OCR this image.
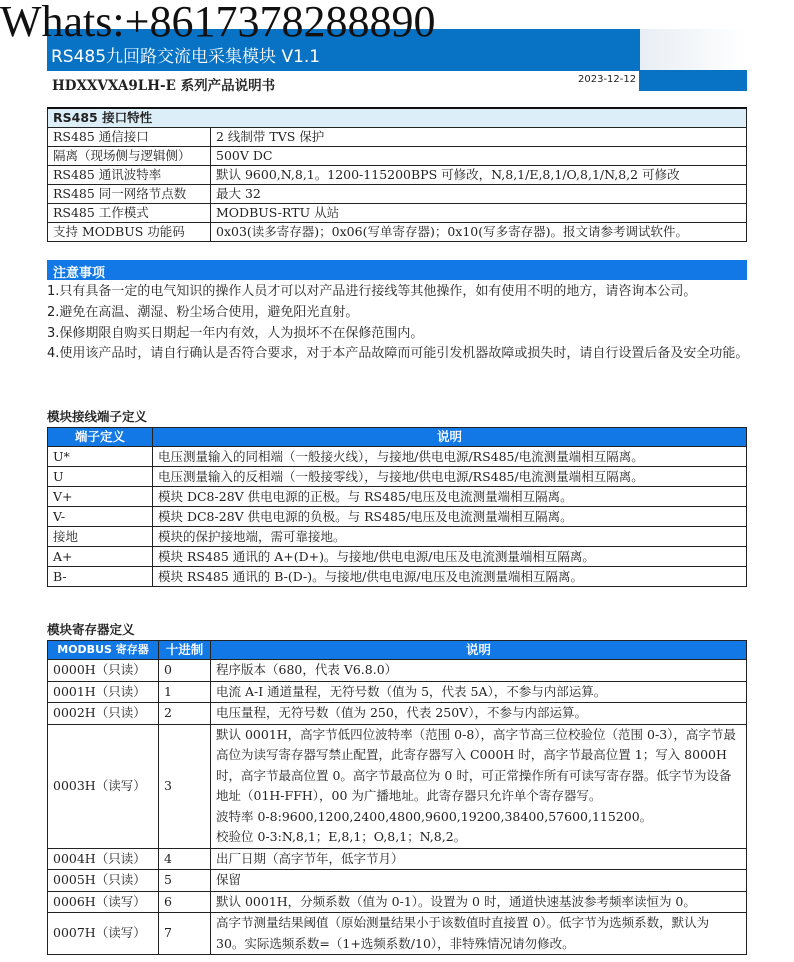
Whats:+8617378288890
RS485九回路交流电采集模块 V1.1
HDXXVXA9LH-E 系列产品说明书	2023-12-12
RS485 接口特性	
RS485 通信接口	2 线制带 TVS 保护
隔离（现场侧与逻辑侧）	500V DC
RS485 通讯波特率	默认 9600,N,8,1。1200-115200BPS 可修改，N,8,1/E,8,1/O,8,1/N,8,2 可修改
RS485 同一网络节点数	最大 32
RS485 工作模式	MODBUS-RTU 从站
支持 MODBUS 功能码	0x03(读多寄存器)；0x06(写单寄存器)；0x10(写多寄存器)。报文请参考调试软件。
注意事项
1.只有具备一定的电气知识的操作人员才可以对产品进行接线等其他操作，如有使用不明的地方，请咨询本公司。
2.避免在高温、潮湿、粉尘场合使用，避免阳光直射。
3.保修期限自购买日期起一年内有效，人为损坏不在保修范围内。
4.使用该产品时，请自行确认是否符合要求，对于本产品故障而可能引发机器故障或损失时，请自行设置后备及安全功能。
模块接线端子定义
端子定义	说明
U*	电压测量输入的同相端（一般接火线），与接地/供电电源/RS485/电流测量端相互隔离。
U	电压测量输入的反相端（一般接零线），与接地/供电电源/RS485/电流测量端相互隔离。
V+	模块 DC8-28V 供电电源的正极。与 RS485/电压及电流测量端相互隔离。
V-	模块 DC8-28V 供电电源的负极。与 RS485/电压及电流测量端相互隔离。
接地	模块的保护接地端，需可靠接地。
A+	模块 RS485 通讯的 A+(D+)。与接地/供电电源/电压及电流测量端相互隔离。
B-	模块 RS485 通讯的 B-(D-)。与接地/供电电源/电压及电流测量端相互隔离。
模块寄存器定义
MODBUS 寄存器	十进制	说明
0000H（只读）	0	程序版本（680，代表 V6.8.0）

0001H（只读）	1	电流 A-I 通道量程，无符号数（值为 5，代表 5A），不参与内部运算。

0002H（只读）	2	电压量程，无符号数（值为 250，代表 250V），不参与内部运算。

0003H（读写）	3	默认 0001H，高字节低四位波特率（范围 0-8），高字节高三位校验位（范围 0-3），高字节最高位为读写寄存器写禁止配置，此寄存器写入 C000H 时，高字节最高位置 1；写入 8000H 时，高字节最高位置 0。高字节最高位为 0 时，可正常操作所有可读写寄存器。低字节为设备地址（01H-FFH），00 为广播地址。此寄存器只允许单个寄存器写。
波特率 0-8:9600,1200,2400,4800,9600,19200,38400,57600,115200。
校验位 0-3:N,8,1；E,8,1；O,8,1；N,8,2。

0004H（只读）	4	出厂日期（高字节年，低字节月）

0005H（只读）	5	保留

0006H（读写）	6	默认 0001H，分频系数（值为 0-1）。设置为 0 时，通道快速基波参考频率读恒为 0。

0007H（读写）	7	高字节测量结果阈值（原始测量结果小于该数值时直接置 0）。低字节为选频系数，默认为 30。实际选频系数=（1+选频系数/10），非特殊情况请勿修改。
